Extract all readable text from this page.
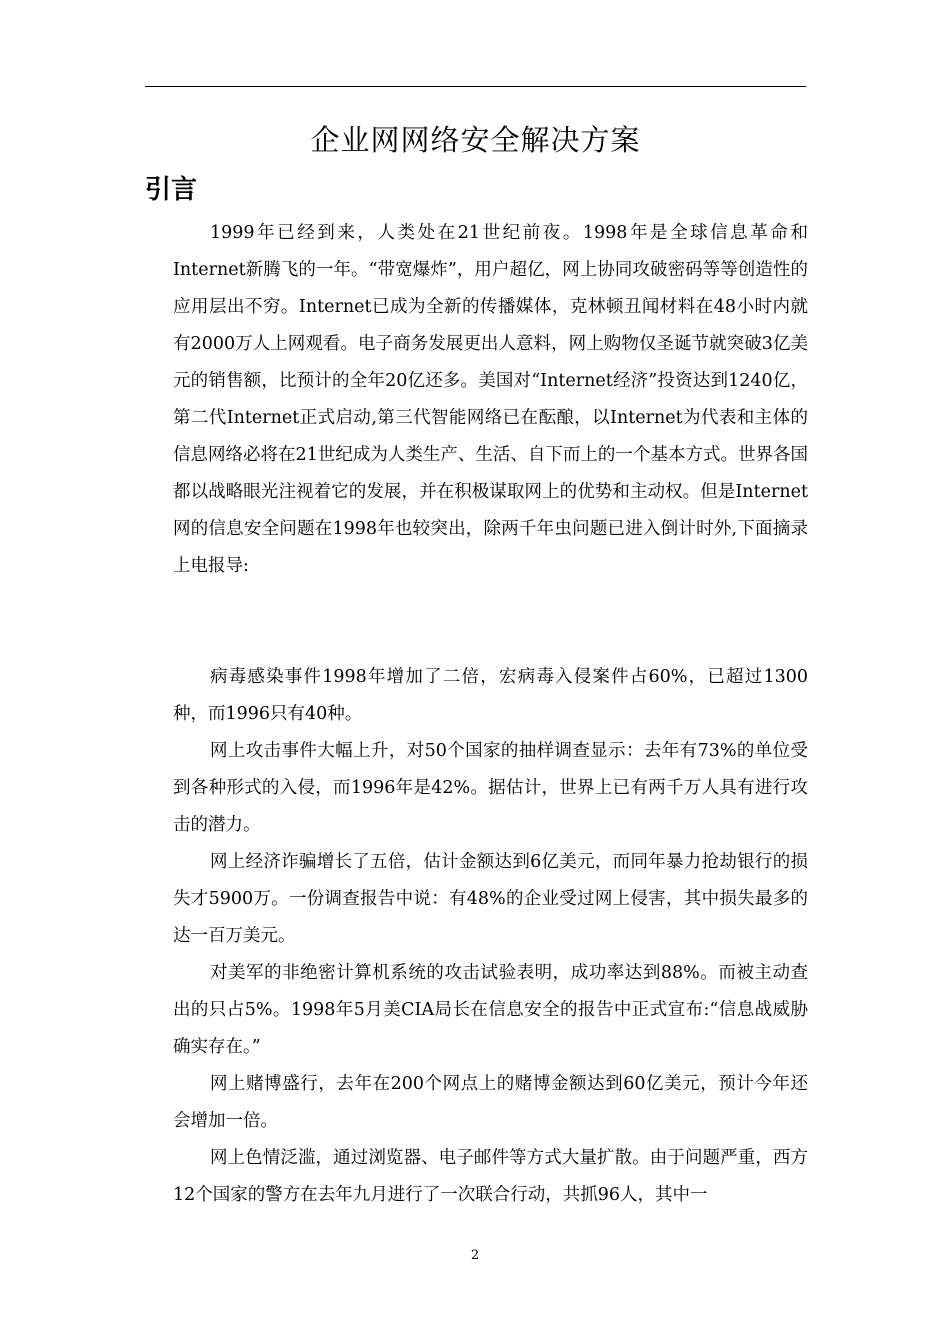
企业网网络安全解决方案
引言

1999年已经到来，人类处在21世纪前夜。1998年是全球信息革命和Internet新腾飞的一年。“带宽爆炸”，用户超亿，网上协同攻破密码等等创造性的应用层出不穷。Internet已成为全新的传播媒体，克林顿丑闻材料在48小时内就有2000万人上网观看。电子商务发展更出人意料，网上购物仅圣诞节就突破3亿美元的销售额，比预计的全年20亿还多。美国对“Internet经济”投资达到1240亿，第二代Internet正式启动,第三代智能网络已在酝酿，以Internet为代表和主体的信息网络必将在21世纪成为人类生产、生活、自下而上的一个基本方式。世界各国都以战略眼光注视着它的发展，并在积极谋取网上的优势和主动权。但是Internet网的信息安全问题在1998年也较突出，除两千年虫问题已进入倒计时外,下面摘录上电报导:

病毒感染事件1998年增加了二倍，宏病毒入侵案件占60%，已超过1300种，而1996只有40种。

网上攻击事件大幅上升，对50个国家的抽样调查显示：去年有73%的单位受到各种形式的入侵，而1996年是42%。据估计，世界上已有两千万人具有进行攻击的潜力。

网上经济诈骗增长了五倍，估计金额达到6亿美元，而同年暴力抢劫银行的损失才5900万。一份调查报告中说：有48%的企业受过网上侵害，其中损失最多的达一百万美元。

对美军的非绝密计算机系统的攻击试验表明，成功率达到88%。而被主动查出的只占5%。1998年5月美CIA局长在信息安全的报告中正式宣布:“信息战威胁确实存在。”

网上赌博盛行，去年在200个网点上的赌博金额达到60亿美元，预计今年还会增加一倍。

网上色情泛滥，通过浏览器、电子邮件等方式大量扩散。由于问题严重，西方12个国家的警方在去年九月进行了一次联合行动，共抓96人，其中一

2
